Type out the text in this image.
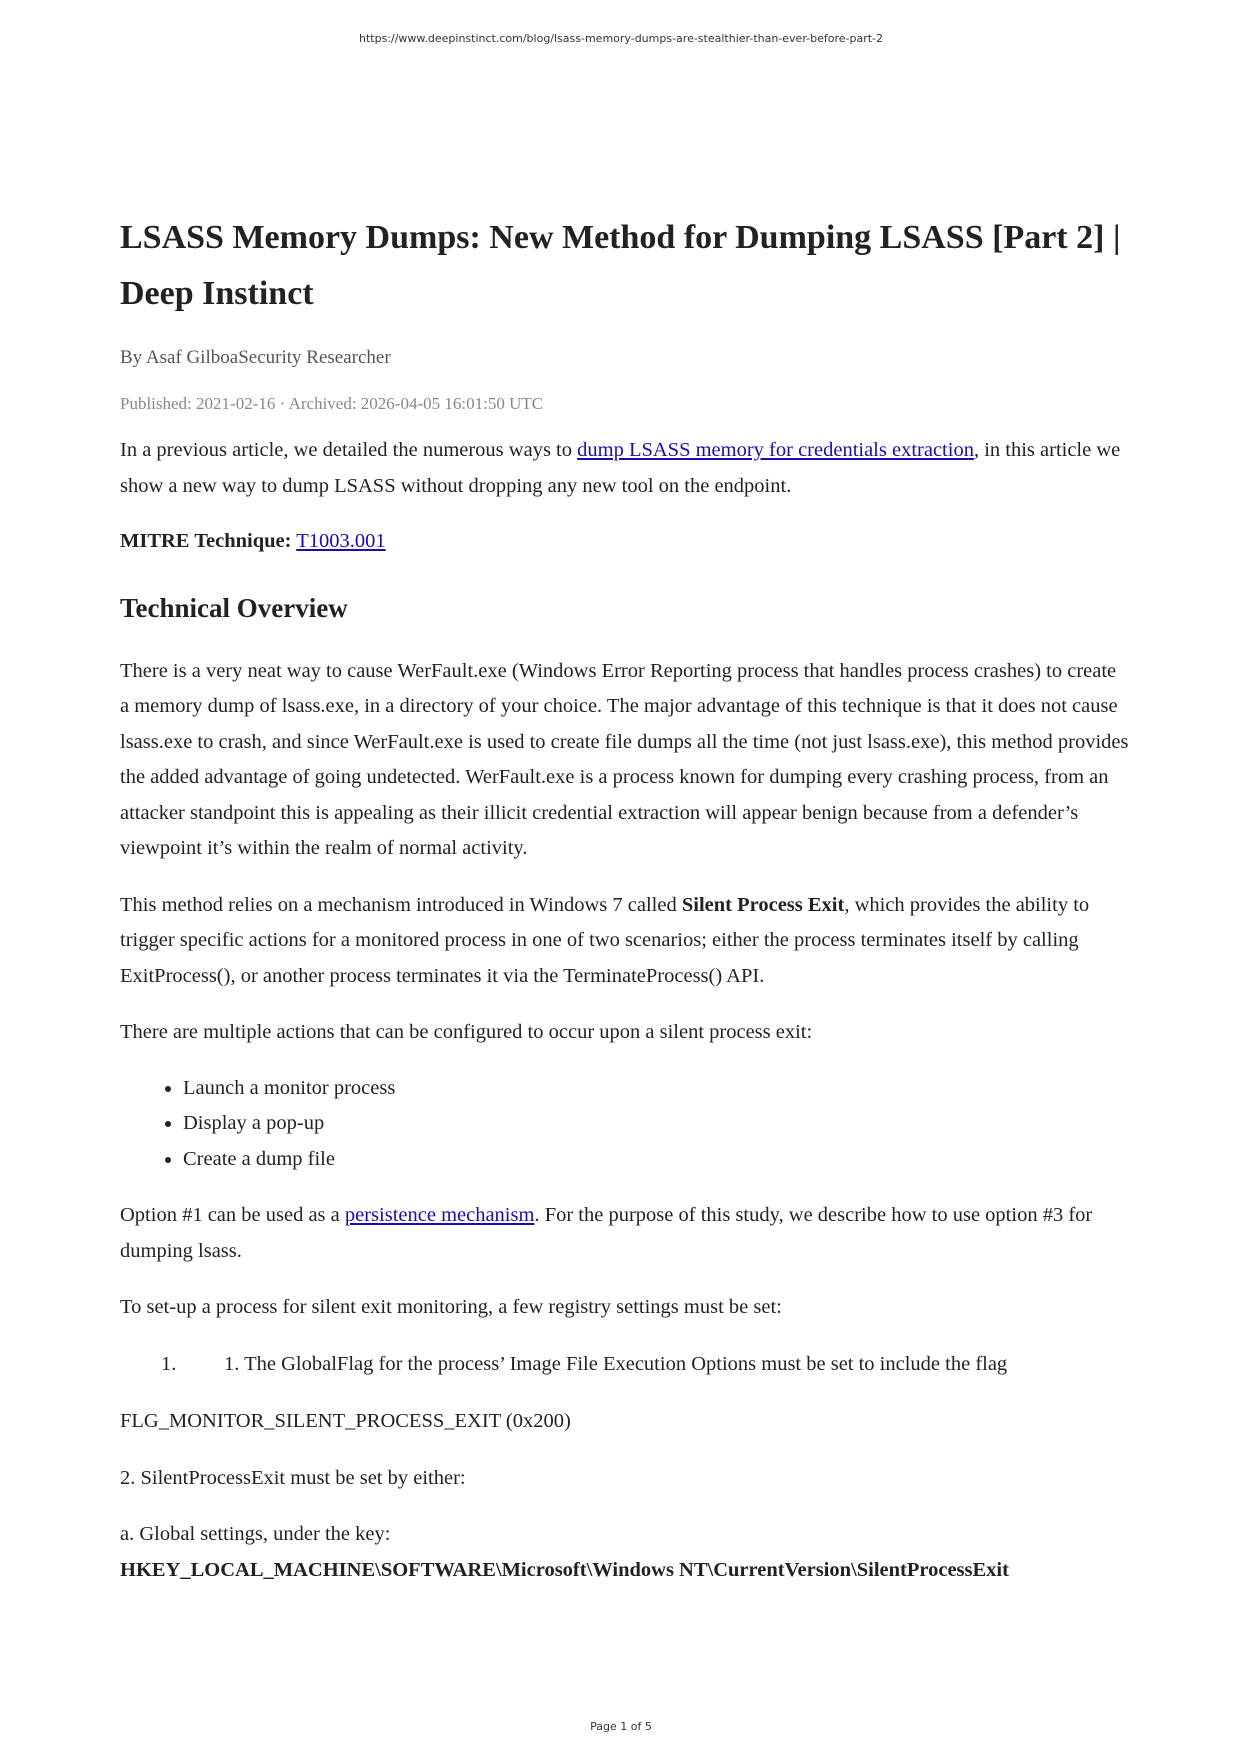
https://www.deepinstinct.com/blog/lsass-memory-dumps-are-stealthier-than-ever-before-part-2
LSASS Memory Dumps: New Method for Dumping LSASS [Part 2] | Deep Instinct
By Asaf GilboaSecurity Researcher
Published: 2021-02-16 · Archived: 2026-04-05 16:01:50 UTC

In a previous article, we detailed the numerous ways to dump LSASS memory for credentials extraction, in this article we show a new way to dump LSASS without dropping any new tool on the endpoint.

MITRE Technique: T1003.001

Technical Overview

There is a very neat way to cause WerFault.exe (Windows Error Reporting process that handles process crashes) to create a memory dump of lsass.exe, in a directory of your choice. The major advantage of this technique is that it does not cause lsass.exe to crash, and since WerFault.exe is used to create file dumps all the time (not just lsass.exe), this method provides the added advantage of going undetected. WerFault.exe is a process known for dumping every crashing process, from an attacker standpoint this is appealing as their illicit credential extraction will appear benign because from a defender’s viewpoint it’s within the realm of normal activity.

This method relies on a mechanism introduced in Windows 7 called Silent Process Exit, which provides the ability to trigger specific actions for a monitored process in one of two scenarios; either the process terminates itself by calling ExitProcess(), or another process terminates it via the TerminateProcess() API.

There are multiple actions that can be configured to occur upon a silent process exit:

• Launch a monitor process
• Display a pop-up
• Create a dump file

Option #1 can be used as a persistence mechanism. For the purpose of this study, we describe how to use option #3 for dumping lsass.

To set-up a process for silent exit monitoring, a few registry settings must be set:

1. 1. The GlobalFlag for the process’ Image File Execution Options must be set to include the flag

FLG_MONITOR_SILENT_PROCESS_EXIT (0x200)

2. SilentProcessExit must be set by either:

a. Global settings, under the key:

HKEY_LOCAL_MACHINE\SOFTWARE\Microsoft\Windows NT\CurrentVersion\SilentProcessExit

Page 1 of 5
